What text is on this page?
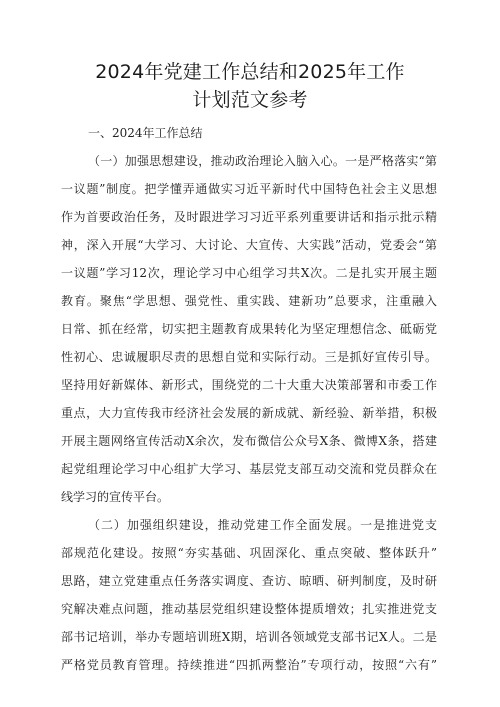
2024年党建工作总结和2025年工作
计划范文参考
一、2024年工作总结
（一）加强思想建设，推动政治理论入脑入心。一是严格落实“第
一议题”制度。把学懂弄通做实习近平新时代中国特色社会主义思想
作为首要政治任务，及时跟进学习习近平系列重要讲话和指示批示精
神，深入开展“大学习、大讨论、大宣传、大实践”活动，党委会“第
一议题”学习12次，理论学习中心组学习共X次。二是扎实开展主题
教育。聚焦“学思想、强党性、重实践、建新功”总要求，注重融入
日常、抓在经常，切实把主题教育成果转化为坚定理想信念、砥砺党
性初心、忠诚履职尽责的思想自觉和实际行动。三是抓好宣传引导。
坚持用好新媒体、新形式，围绕党的二十大重大决策部署和市委工作
重点，大力宣传我市经济社会发展的新成就、新经验、新举措，积极
开展主题网络宣传活动X余次，发布微信公众号X条、微博X条，搭建
起党组理论学习中心组扩大学习、基层党支部互动交流和党员群众在
线学习的宣传平台。
（二）加强组织建设，推动党建工作全面发展。一是推进党支
部规范化建设。按照“夯实基础、巩固深化、重点突破、整体跃升”
思路，建立党建重点任务落实调度、查访、晾晒、研判制度，及时研
究解决难点问题，推动基层党组织建设整体提质增效；扎实推进党支
部书记培训，举办专题培训班X期，培训各领域党支部书记X人。二是
严格党员教育管理。持续推进“四抓两整治”专项行动，按照“六有”
